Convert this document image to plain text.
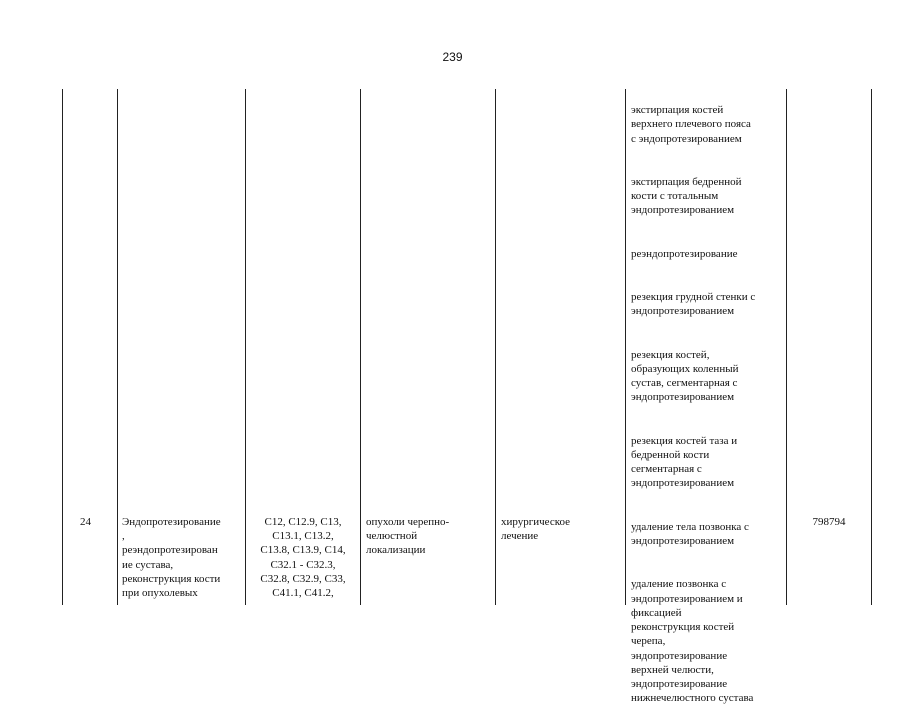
239

экстирпация костей
верхнего плечевого пояса
с эндопротезированием

экстирпация бедренной
кости с тотальным
эндопротезированием

реэндопротезирование

резекция грудной стенки с
эндопротезированием

резекция костей,
образующих коленный
сустав, сегментарная с
эндопротезированием

резекция костей таза и
бедренной кости
сегментарная с
эндопротезированием

удаление тела позвонка с
эндопротезированием

удаление позвонка с
эндопротезированием и
фиксацией
реконструкция костей
черепа,
эндопротезирование
верхней челюсти,
эндопротезирование
нижнечелюстного сустава

24	Эндопротезирование
,
реэндопротезирован
ие сустава,
реконструкция кости
при опухолевых
C12, C12.9, C13,
C13.1, C13.2,
C13.8, C13.9, C14,
C32.1 - C32.3,
C32.8, C32.9, C33,
C41.1, C41.2,
опухоли черепно-
челюстной
локализации
хирургическое
лечение
798794
